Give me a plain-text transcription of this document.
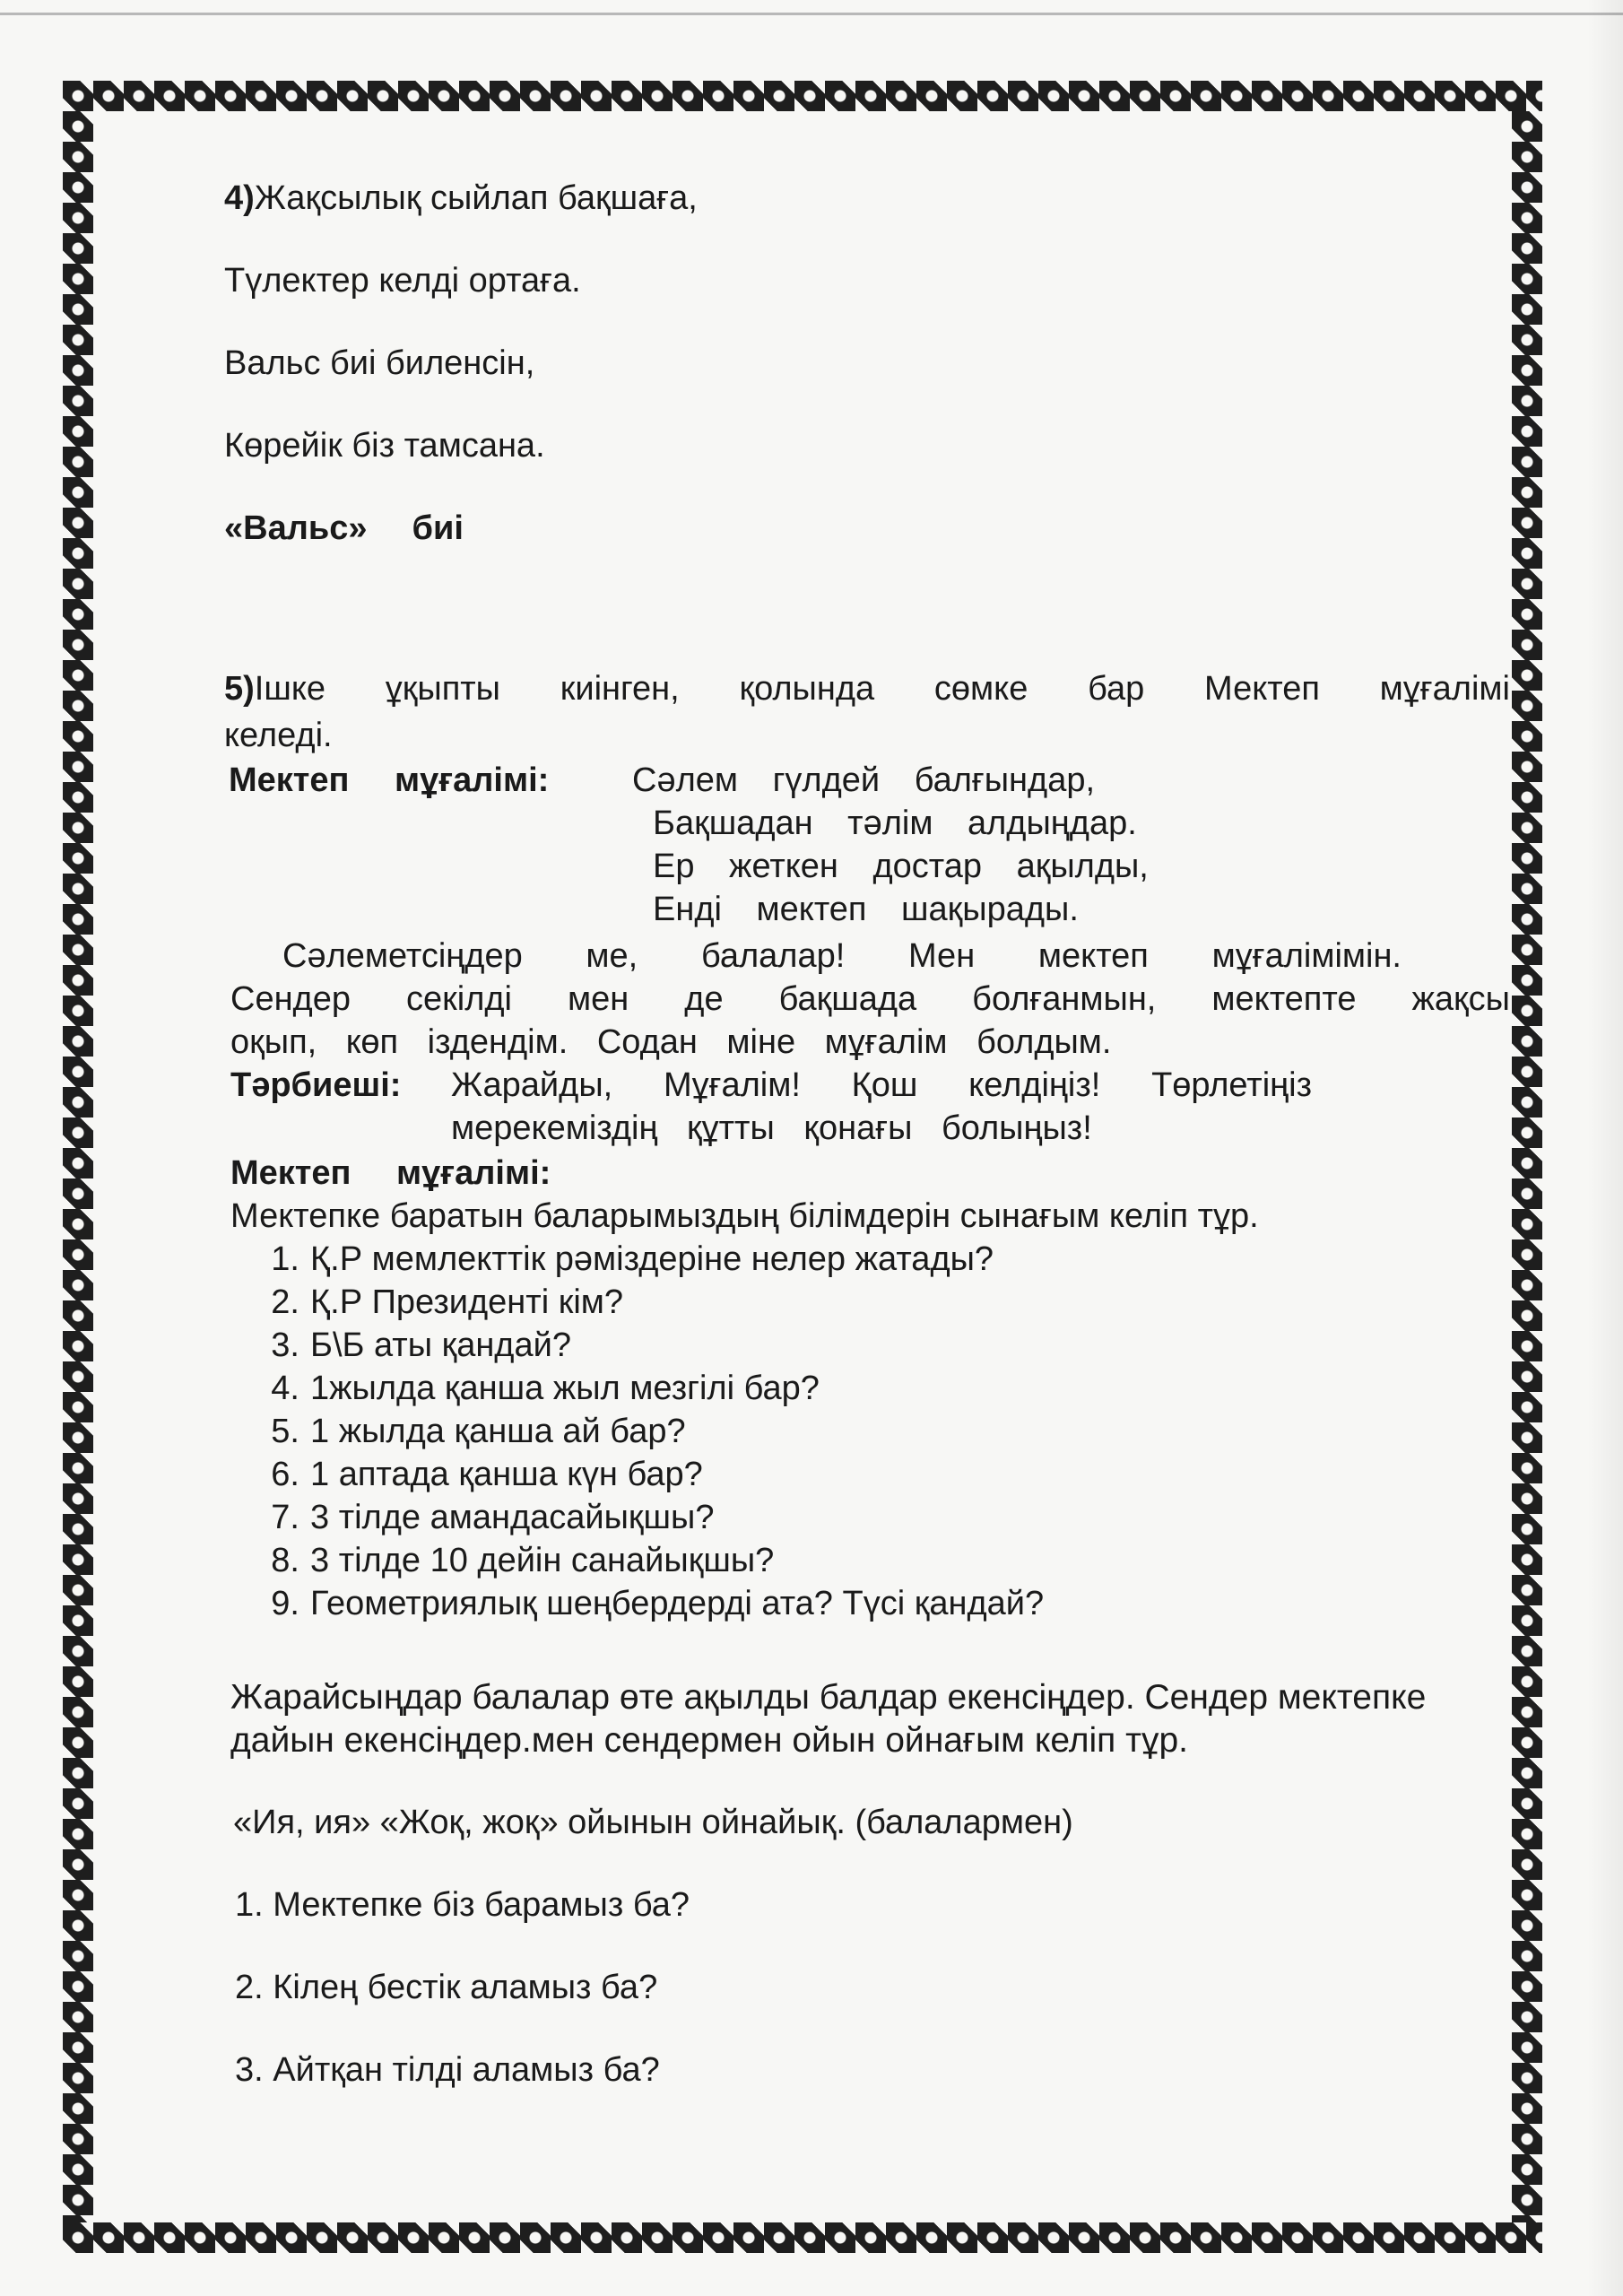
4)Жақсылық сыйлап бақшаға,

Түлектер келді ортаға.

Вальс биі биленсін,

Көрейік біз тамсана.

«Вальс» биі

5)Ішке ұқыпты киінген, қолында сөмке бар Мектеп мұғалімі

келеді.

Мектеп мұғалімі: Сәлем гүлдей балғындар,

Бақшадан тәлім алдыңдар.

Ер жеткен достар ақылды,

Енді мектеп шақырады.

Сәлеметсіңдер ме, балалар! Мен мектеп мұғалімімін.

Сендер секілді мен де бақшада болғанмын, мектепте жақсы

оқып, көп іздендім. Содан міне мұғалім болдым.

Тәрбиеші: Жарайды, Мұғалім! Қош келдіңіз! Төрлетіңіз

мерекеміздің құтты қонағы болыңыз!

Мектеп мұғалімі:

Мектепке баратын баларымыздың білімдерін сынағым келіп тұр.

1. Қ.Р мемлекттік рәміздеріне нелер жатады?

2. Қ.Р Президенті кім?

3. Б\Б аты қандай?

4. 1жылда қанша жыл мезгілі бар?

5. 1 жылда қанша ай бар?

6. 1 аптада қанша күн бар?

7. 3 тілде амандасайықшы?

8. 3 тілде 10 дейін санайықшы?

9. Геометриялық шеңбердерді ата? Түсі қандай?

Жарайсыңдар балалар өте ақылды балдар екенсіңдер. Сендер мектепке

дайын екенсіңдер.мен сендермен ойын ойнағым келіп тұр.

«Ия, ия» «Жоқ, жоқ» ойынын ойнайық. (балалармен)

1. Мектепке біз барамыз ба?

2. Кілең бестік аламыз ба?

3. Айтқан тілді аламыз ба?
